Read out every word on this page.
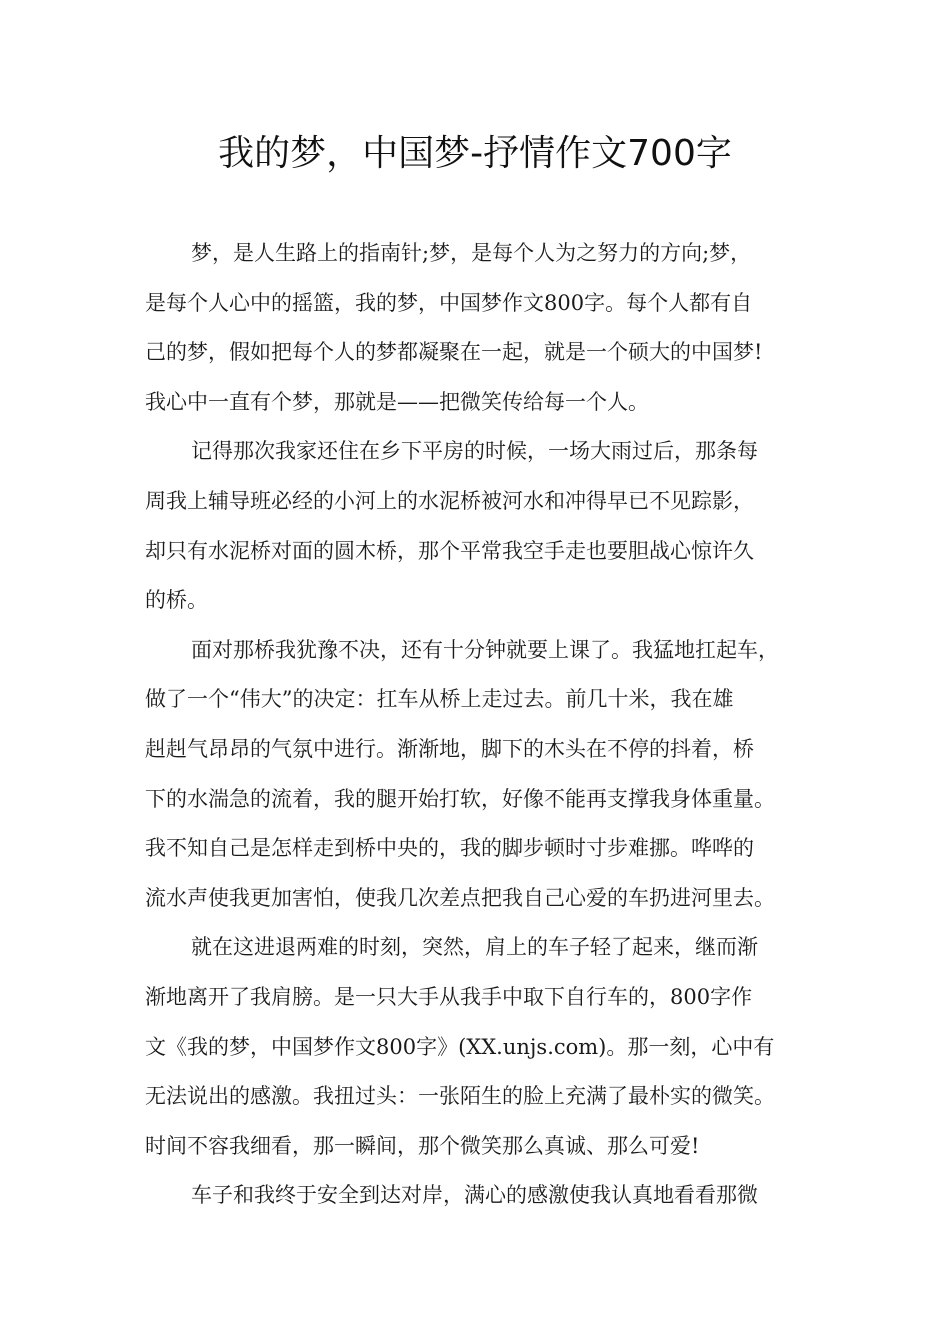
我的梦，中国梦-抒情作文700字
梦，是人生路上的指南针;梦，是每个人为之努力的方向;梦，
是每个人心中的摇篮，我的梦，中国梦作文800字。每个人都有自
己的梦，假如把每个人的梦都凝聚在一起，就是一个硕大的中国梦!
我心中一直有个梦，那就是——把微笑传给每一个人。
记得那次我家还住在乡下平房的时候，一场大雨过后，那条每
周我上辅导班必经的小河上的水泥桥被河水和冲得早已不见踪影，
却只有水泥桥对面的圆木桥，那个平常我空手走也要胆战心惊许久
的桥。
面对那桥我犹豫不决，还有十分钟就要上课了。我猛地扛起车，
做了一个“伟大”的决定：扛车从桥上走过去。前几十米，我在雄
赳赳气昂昂的气氛中进行。渐渐地，脚下的木头在不停的抖着，桥
下的水湍急的流着，我的腿开始打软，好像不能再支撑我身体重量。
我不知自己是怎样走到桥中央的，我的脚步顿时寸步难挪。哗哗的
流水声使我更加害怕，使我几次差点把我自己心爱的车扔进河里去。
就在这进退两难的时刻，突然，肩上的车子轻了起来，继而渐
渐地离开了我肩膀。是一只大手从我手中取下自行车的，800字作
文《我的梦，中国梦作文800字》(XX.unjs.com)。那一刻，心中有
无法说出的感激。我扭过头：一张陌生的脸上充满了最朴实的微笑。
时间不容我细看，那一瞬间，那个微笑那么真诚、那么可爱!
车子和我终于安全到达对岸，满心的感激使我认真地看看那微
